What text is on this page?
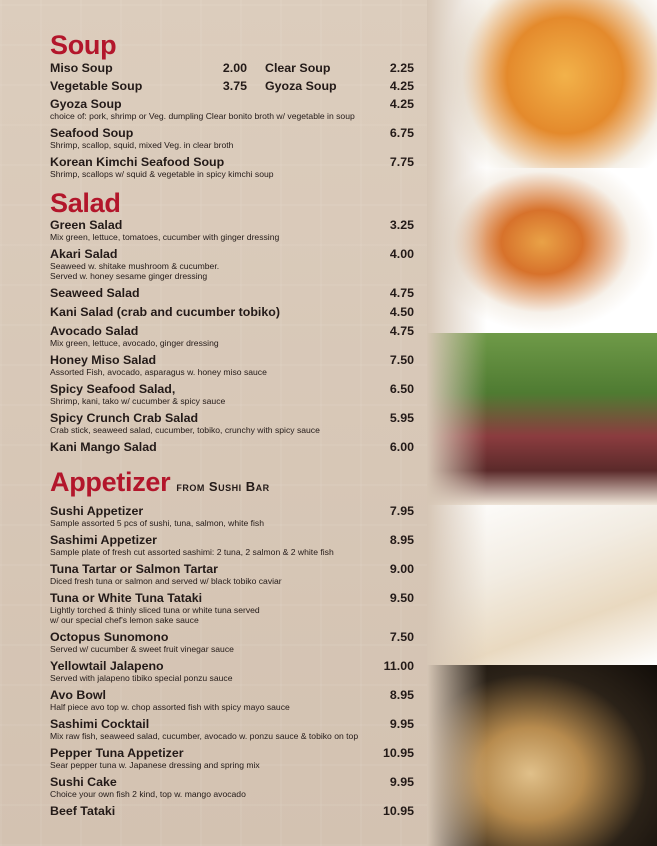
Soup
Miso Soup	2.00	Clear Soup	2.25
Vegetable Soup	3.75	Gyoza Soup	4.25
Gyoza Soup	4.25
choice of: pork, shrimp or Veg. dumpling Clear bonito broth w/ vegetable in soup
Seafood Soup	6.75
Shrimp, scallop, squid, mixed Veg. in clear broth
Korean Kimchi Seafood Soup	7.75
Shrimp, scallops w/ squid & vegetable in spicy kimchi soup
Salad
Green Salad	3.25
Mix green, lettuce, tomatoes, cucumber with ginger dressing
Akari Salad	4.00
Seaweed w. shitake mushroom & cucumber.
Served w. honey sesame ginger dressing
Seaweed Salad	4.75
Kani Salad (crab and cucumber tobiko)	4.50
Avocado Salad	4.75
Mix green, lettuce, avocado, ginger dressing
Honey Miso Salad	7.50
Assorted Fish, avocado, asparagus w. honey miso sauce
Spicy Seafood Salad,	6.50
Shrimp, kani, tako w/ cucumber & spicy sauce
Spicy Crunch Crab Salad	5.95
Crab stick, seaweed salad, cucumber, tobiko, crunchy with spicy sauce
Kani Mango Salad	6.00
Appetizer from Sushi Bar
Sushi Appetizer	7.95
Sample assorted 5 pcs of sushi, tuna, salmon, white fish
Sashimi Appetizer	8.95
Sample plate of fresh cut assorted sashimi: 2 tuna, 2 salmon & 2 white fish
Tuna Tartar or Salmon Tartar	9.00
Diced fresh tuna or salmon and served w/ black tobiko caviar
Tuna or White Tuna Tataki	9.50
Lightly torched & thinly sliced tuna or white tuna served
w/ our special chef's lemon sake sauce
Octopus Sunomono	7.50
Served w/ cucumber & sweet fruit vinegar sauce
Yellowtail Jalapeno	11.00
Served with jalapeno tibiko special ponzu sauce
Avo Bowl	8.95
Half piece avo top w. chop assorted fish with spicy mayo sauce
Sashimi Cocktail	9.95
Mix raw fish, seaweed salad, cucumber, avocado w. ponzu sauce & tobiko on top
Pepper Tuna Appetizer	10.95
Sear pepper tuna w. Japanese dressing and spring mix
Sushi Cake	9.95
Choice your own fish 2 kind, top w. mango avocado
Beef Tataki	10.95
